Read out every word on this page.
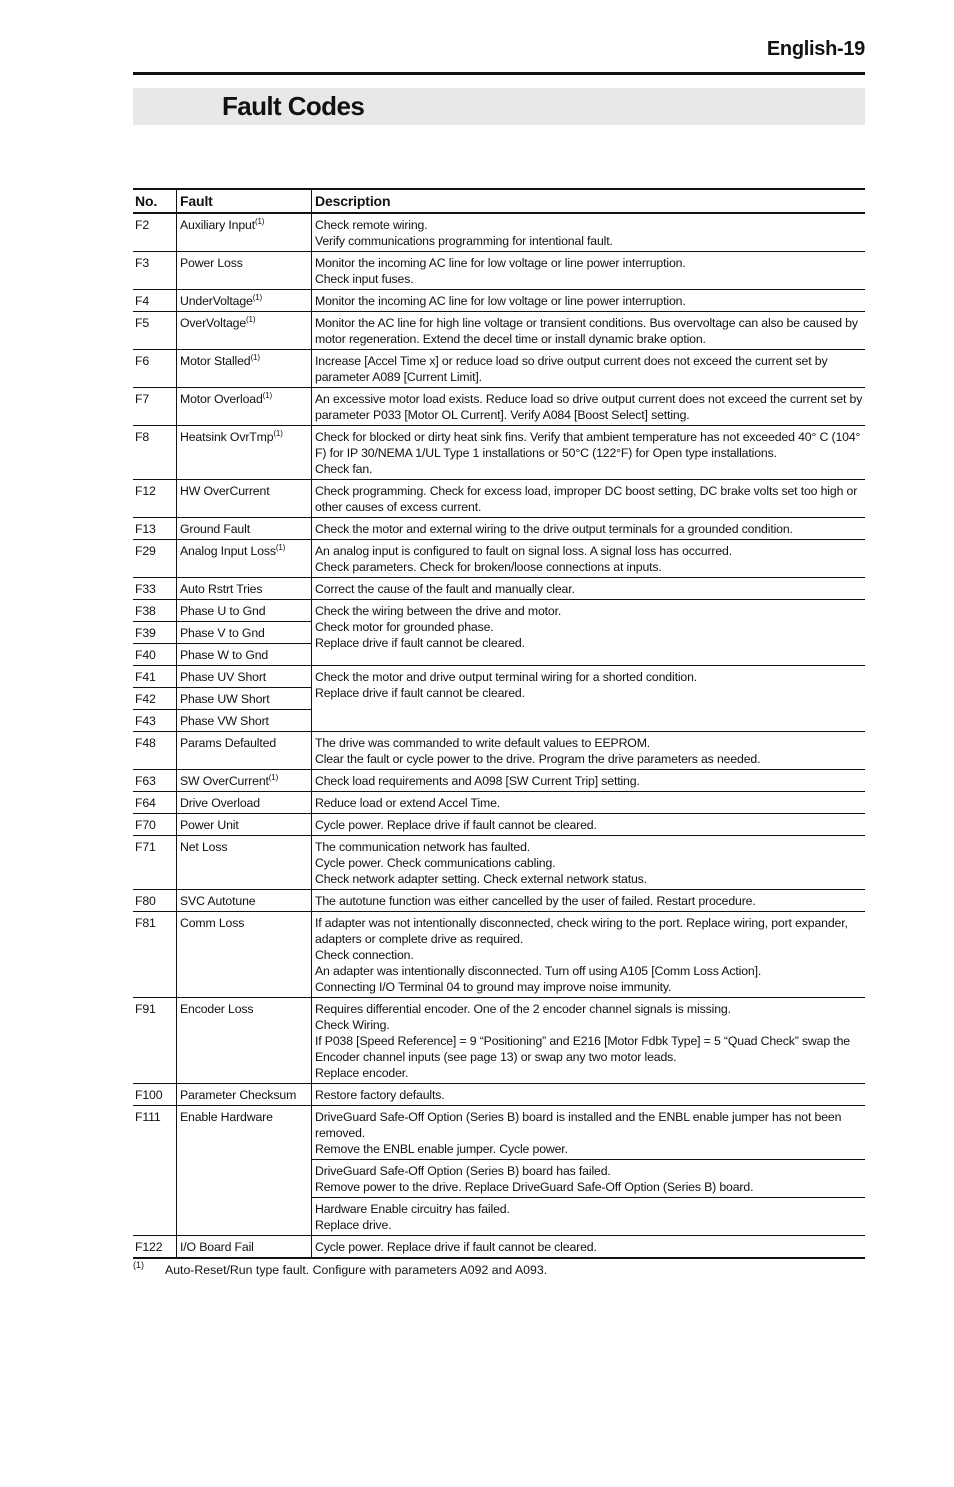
English-19
Fault Codes
No.	Fault	Description
F2	Auxiliary Input$^{(1)}$	Check remote wiring.
Verify communications programming for intentional fault.

F3	Power Loss	Monitor the incoming AC line for low voltage or line power interruption.
Check input fuses.

F4	UnderVoltage$^{(1)}$	Monitor the incoming AC line for low voltage or line power interruption.

F5	OverVoltage$^{(1)}$	Monitor the AC line for high line voltage or transient conditions. Bus overvoltage can also be caused by motor regeneration. Extend the decel time or install dynamic brake option.

F6	Motor Stalled$^{(1)}$	Increase [Accel Time x] or reduce load so drive output current does not exceed the current set by parameter A089 [Current Limit].

F7	Motor Overload$^{(1)}$	An excessive motor load exists. Reduce load so drive output current does not exceed the current set by parameter P033 [Motor OL Current]. Verify A084 [Boost Select] setting.

F8	Heatsink OvrTmp$^{(1)}$	Check for blocked or dirty heat sink fins. Verify that ambient temperature has not exceeded 40° C (104° F) for IP 30/NEMA 1/UL Type 1 installations or 50°C (122°F) for Open type installations.
Check fan.

F12	HW OverCurrent	Check programming. Check for excess load, improper DC boost setting, DC brake volts set too high or other causes of excess current.

F13	Ground Fault	Check the motor and external wiring to the drive output terminals for a grounded condition.

F29	Analog Input Loss$^{(1)}$	An analog input is configured to fault on signal loss. A signal loss has occurred.
Check parameters. Check for broken/loose connections at inputs.

F33	Auto Rstrt Tries	Correct the cause of the fault and manually clear.

F38	Phase U to Gnd	Check the wiring between the drive and motor.
Check motor for grounded phase.
Replace drive if fault cannot be cleared.

F39	Phase V to Gnd	
F40	Phase W to Gnd	
F41	Phase UV Short	Check the motor and drive output terminal wiring for a shorted condition.
Replace drive if fault cannot be cleared.

F42	Phase UW Short	
F43	Phase VW Short	
F48	Params Defaulted	The drive was commanded to write default values to EEPROM.
Clear the fault or cycle power to the drive. Program the drive parameters as needed.

F63	SW OverCurrent$^{(1)}$	Check load requirements and A098 [SW Current Trip] setting.

F64	Drive Overload	Reduce load or extend Accel Time.

F70	Power Unit	Cycle power. Replace drive if fault cannot be cleared.

F71	Net Loss	The communication network has faulted.
Cycle power. Check communications cabling.
Check network adapter setting. Check external network status.

F80	SVC Autotune	The autotune function was either cancelled by the user of failed. Restart procedure.

F81	Comm Loss	If adapter was not intentionally disconnected, check wiring to the port. Replace wiring, port expander, adapters or complete drive as required.
Check connection.
An adapter was intentionally disconnected. Turn off using A105 [Comm Loss Action].
Connecting I/O Terminal 04 to ground may improve noise immunity.

F91	Encoder Loss	Requires differential encoder. One of the 2 encoder channel signals is missing.
Check Wiring.
If P038 [Speed Reference] = 9 “Positioning” and E216 [Motor Fdbk Type] = 5 “Quad Check” swap the Encoder channel inputs (see page 13) or swap any two motor leads.
Replace encoder.

F100	Parameter Checksum	Restore factory defaults.

F111	Enable Hardware	DriveGuard Safe-Off Option (Series B) board is installed and the ENBL enable jumper has not been removed.
Remove the ENBL enable jumper. Cycle power.

		DriveGuard Safe-Off Option (Series B) board has failed.
Remove power to the drive. Replace DriveGuard Safe-Off Option (Series B) board.

		Hardware Enable circuitry has failed.
Replace drive.

F122	I/O Board Fail	Cycle power. Replace drive if fault cannot be cleared.
(1) Auto-Reset/Run type fault. Configure with parameters A092 and A093.
